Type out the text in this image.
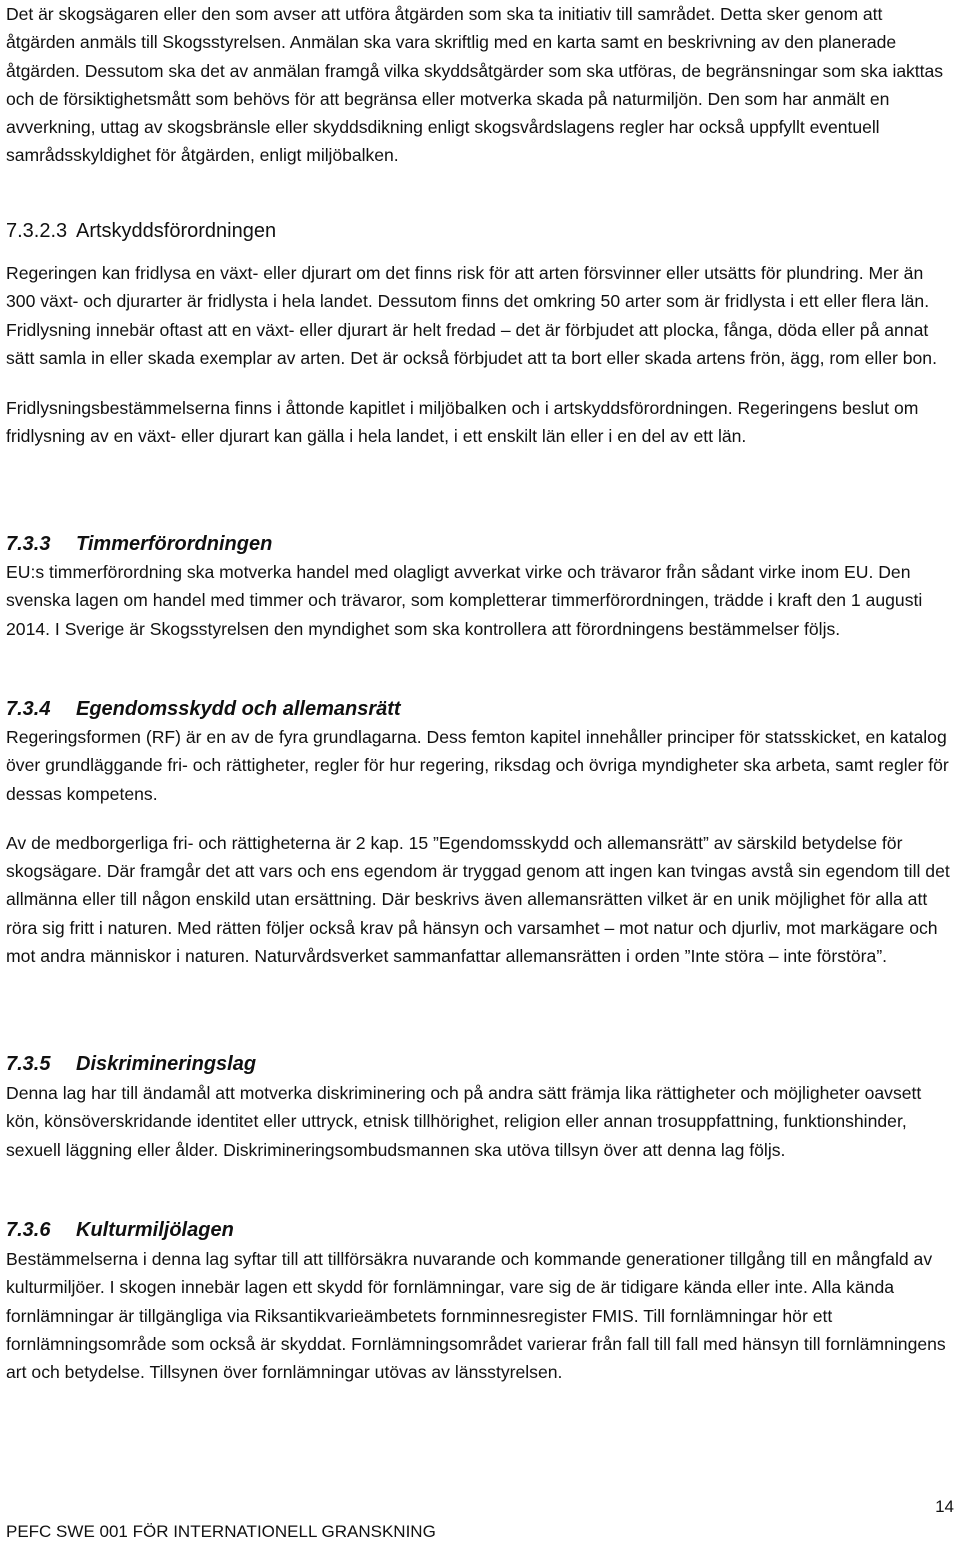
Det är skogsägaren eller den som avser att utföra åtgärden som ska ta initiativ till samrådet. Detta sker genom att åtgärden anmäls till Skogsstyrelsen. Anmälan ska vara skriftlig med en karta samt en beskrivning av den planerade åtgärden. Dessutom ska det av anmälan framgå vilka skyddsåtgärder som ska utföras, de begränsningar som ska iakttas och de försiktighetsmått som behövs för att begränsa eller motverka skada på naturmiljön. Den som har anmält en avverkning, uttag av skogsbränsle eller skyddsdikning enligt skogsvårdslagens regler har också uppfyllt eventuell samrådsskyldighet för åtgärden, enligt miljöbalken.

7.3.2.3 Artskyddsförordningen

Regeringen kan fridlysa en växt- eller djurart om det finns risk för att arten försvinner eller utsätts för plundring. Mer än 300 växt- och djurarter är fridlysta i hela landet. Dessutom finns det omkring 50 arter som är fridlysta i ett eller flera län. Fridlysning innebär oftast att en växt- eller djurart är helt fredad – det är förbjudet att plocka, fånga, döda eller på annat sätt samla in eller skada exemplar av arten. Det är också förbjudet att ta bort eller skada artens frön, ägg, rom eller bon.

Fridlysningsbestämmelserna finns i åttonde kapitlet i miljöbalken och i artskyddsförordningen. Regeringens beslut om fridlysning av en växt- eller djurart kan gälla i hela landet, i ett enskilt län eller i en del av ett län.

7.3.3 Timmerförordningen

EU:s timmerförordning ska motverka handel med olagligt avverkat virke och trävaror från sådant virke inom EU. Den svenska lagen om handel med timmer och trävaror, som kompletterar timmerförordningen, trädde i kraft den 1 augusti 2014. I Sverige är Skogsstyrelsen den myndighet som ska kontrollera att förordningens bestämmelser följs.

7.3.4 Egendomsskydd och allemansrätt

Regeringsformen (RF) är en av de fyra grundlagarna. Dess femton kapitel innehåller principer för statsskicket, en katalog över grundläggande fri- och rättigheter, regler för hur regering, riksdag och övriga myndigheter ska arbeta, samt regler för dessas kompetens.

Av de medborgerliga fri- och rättigheterna är 2 kap. 15 ”Egendomsskydd och allemansrätt” av särskild betydelse för skogsägare. Där framgår det att vars och ens egendom är tryggad genom att ingen kan tvingas avstå sin egendom till det allmänna eller till någon enskild utan ersättning. Där beskrivs även allemansrätten vilket är en unik möjlighet för alla att röra sig fritt i naturen. Med rätten följer också krav på hänsyn och varsamhet – mot natur och djurliv, mot markägare och mot andra människor i naturen. Naturvårdsverket sammanfattar allemansrätten i orden ”Inte störa – inte förstöra”.

7.3.5 Diskrimineringslag

Denna lag har till ändamål att motverka diskriminering och på andra sätt främja lika rättigheter och möjligheter oavsett kön, könsöverskridande identitet eller uttryck, etnisk tillhörighet, religion eller annan trosuppfattning, funktionshinder, sexuell läggning eller ålder. Diskrimineringsombudsmannen ska utöva tillsyn över att denna lag följs.

7.3.6 Kulturmiljölagen

Bestämmelserna i denna lag syftar till att tillförsäkra nuvarande och kommande generationer tillgång till en mångfald av kulturmiljöer. I skogen innebär lagen ett skydd för fornlämningar, vare sig de är tidigare kända eller inte. Alla kända fornlämningar är tillgängliga via Riksantikvarieämbetets fornminnesregister FMIS. Till fornlämningar hör ett fornlämningsområde som också är skyddat. Fornlämningsområdet varierar från fall till fall med hänsyn till fornlämningens art och betydelse. Tillsynen över fornlämningar utövas av länsstyrelsen.

14
PEFC SWE 001 FÖR INTERNATIONELL GRANSKNING
